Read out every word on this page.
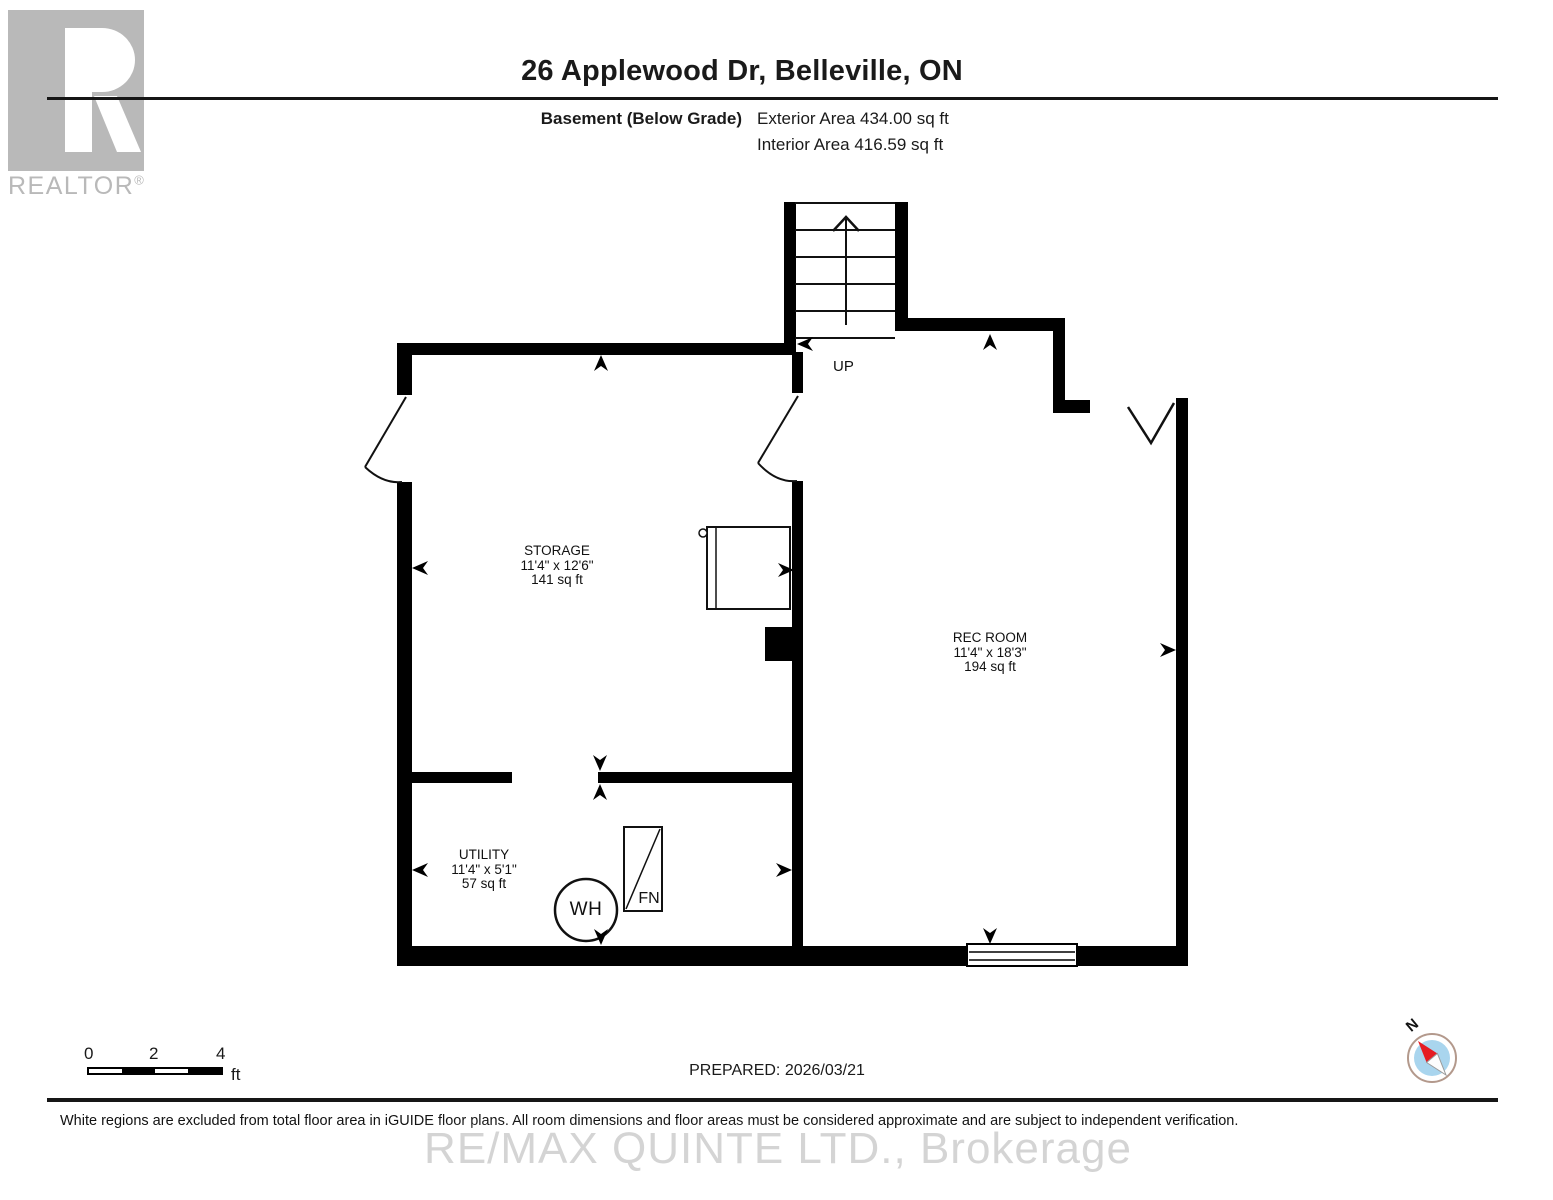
REALTOR®
26 Applewood Dr, Belleville, ON
Basement (Below Grade) Exterior Area 434.00 sq ft
Interior Area 416.59 sq ft
STORAGE
11'4" x 12'6"
141 sq ft
REC ROOM
11'4" x 18'3"
194 sq ft
UTILITY
11'4" x 5'1"
57 sq ft
UP
WH
FN
N
0	2	4
ft	PREPARED: 2026/03/21
White regions are excluded from total floor area in iGUIDE floor plans. All room dimensions and floor areas must be considered approximate and are subject to independent verification.
RE/MAX QUINTE LTD., Brokerage
